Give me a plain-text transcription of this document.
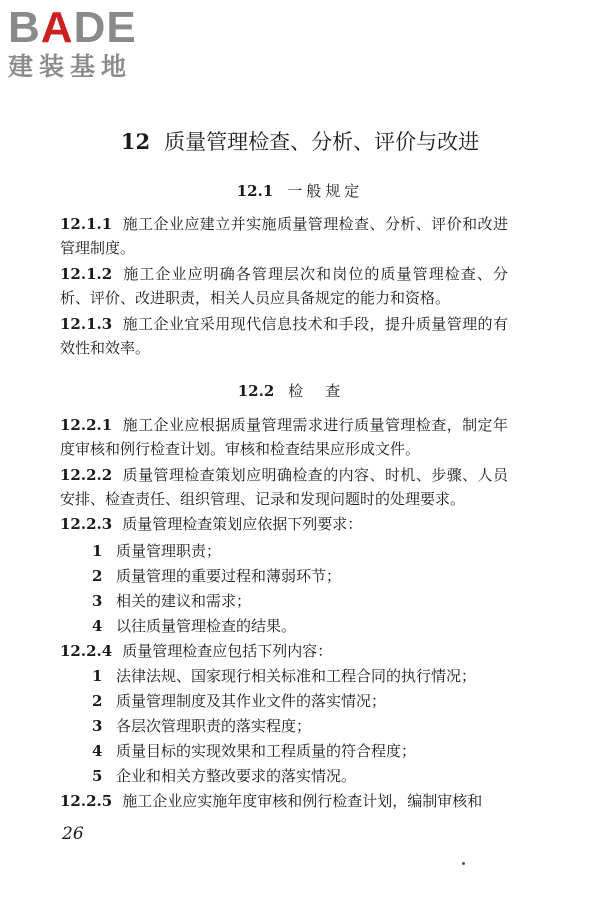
BADE
建装基地
12 质量管理检查、分析、评价与改进
12.1 一般规定
12.1.1 施工企业应建立并实施质量管理检查、分析、评价和改进管理制度。
12.1.2 施工企业应明确各管理层次和岗位的质量管理检查、分析、评价、改进职责，相关人员应具备规定的能力和资格。
12.1.3 施工企业宜采用现代信息技术和手段，提升质量管理的有效性和效率。
12.2 检查
12.2.1 施工企业应根据质量管理需求进行质量管理检查，制定年度审核和例行检查计划。审核和检查结果应形成文件。
12.2.2 质量管理检查策划应明确检查的内容、时机、步骤、人员安排、检查责任、组织管理、记录和发现问题时的处理要求。
12.2.3 质量管理检查策划应依据下列要求：
1 质量管理职责；
2 质量管理的重要过程和薄弱环节；
3 相关的建议和需求；
4 以往质量管理检查的结果。
12.2.4 质量管理检查应包括下列内容：
1 法律法规、国家现行相关标准和工程合同的执行情况；
2 质量管理制度及其作业文件的落实情况；
3 各层次管理职责的落实程度；
4 质量目标的实现效果和工程质量的符合程度；
5 企业和相关方整改要求的落实情况。
12.2.5 施工企业应实施年度审核和例行检查计划，编制审核和
26
